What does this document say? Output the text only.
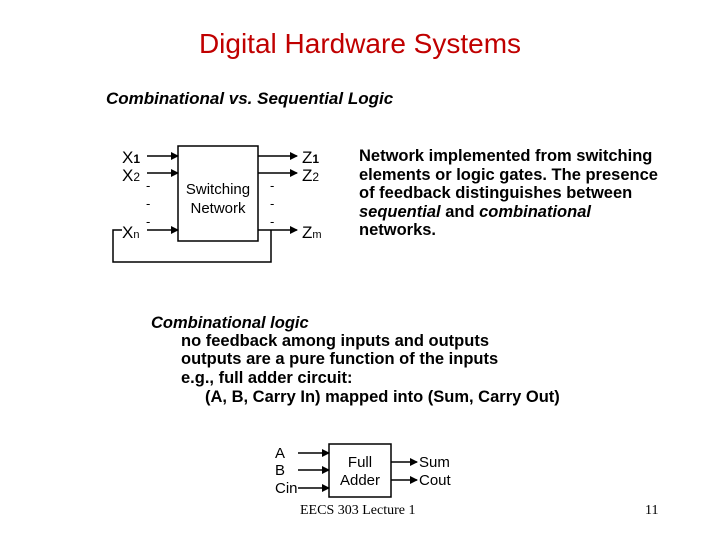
Digital Hardware Systems
Combinational vs. Sequential Logic
Switching
Network
X1
X2
Xn
Z1
Z2
Zm
-
-
-
-
-
-
Full
Adder
A
B
Cin
Sum
Cout
Network implemented from switching elements or logic gates. The presence of feedback distinguishes between sequential and combinational networks.
Combinational logic
no feedback among inputs and outputs
outputs are a pure function of the inputs
e.g., full adder circuit:
(A, B, Carry In) mapped into (Sum, Carry Out)
EECS 303 Lecture 1	11
